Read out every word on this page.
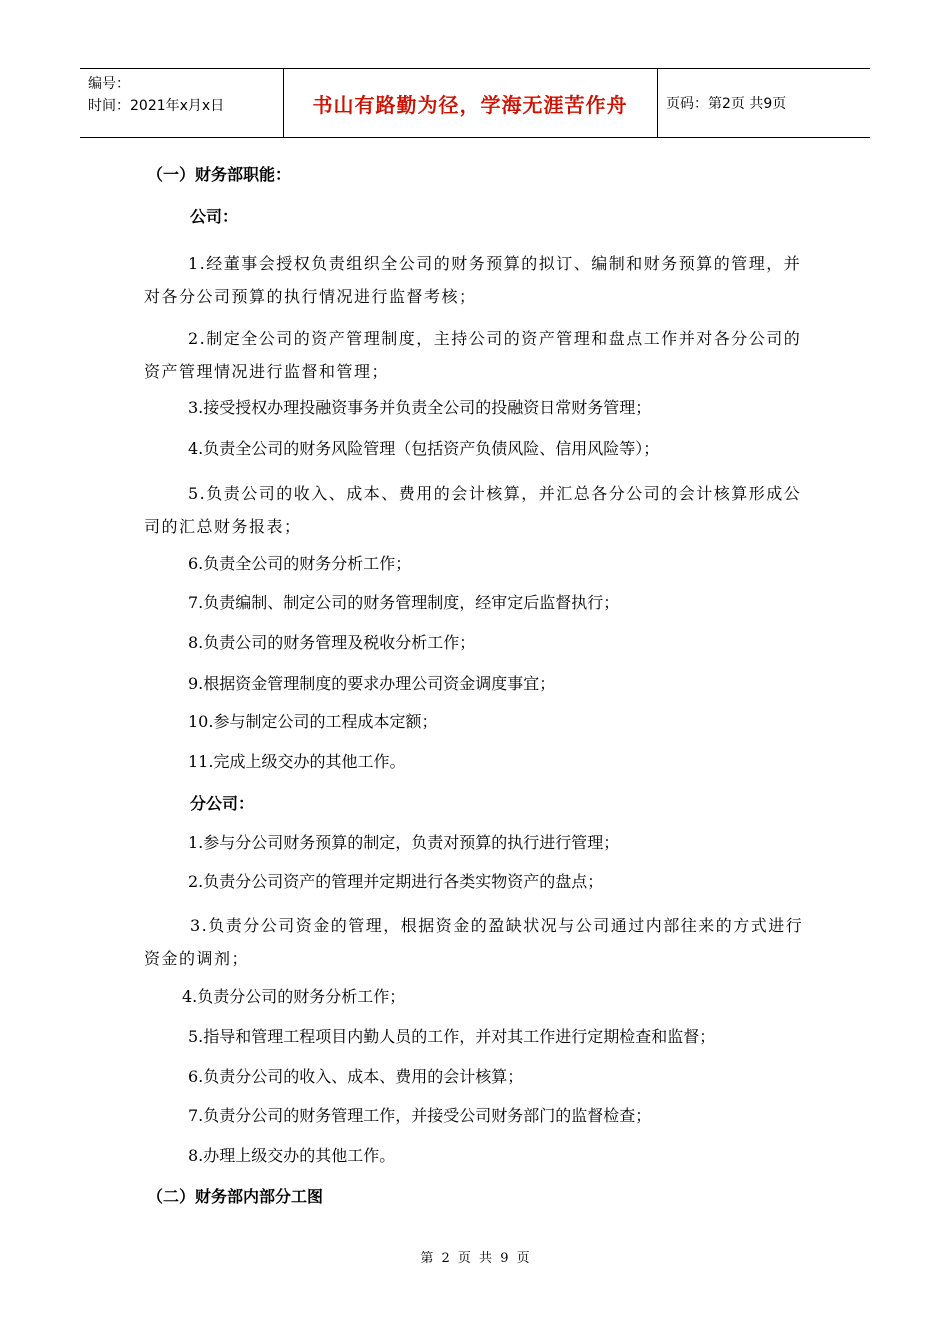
编号：
时间：2021年x月x日	书山有路勤为径，学海无涯苦作舟	页码：第2页 共9页
（一）财务部职能：
公司：
1.经董事会授权负责组织全公司的财务预算的拟订、编制和财务预算的管理，并对各分公司预算的执行情况进行监督考核；
2.制定全公司的资产管理制度，主持公司的资产管理和盘点工作并对各分公司的资产管理情况进行监督和管理；
3.接受授权办理投融资事务并负责全公司的投融资日常财务管理；
4.负责全公司的财务风险管理（包括资产负债风险、信用风险等）；
5.负责公司的收入、成本、费用的会计核算，并汇总各分公司的会计核算形成公司的汇总财务报表；
6.负责全公司的财务分析工作；
7.负责编制、制定公司的财务管理制度，经审定后监督执行；
8.负责公司的财务管理及税收分析工作；
9.根据资金管理制度的要求办理公司资金调度事宜；
10.参与制定公司的工程成本定额；
11.完成上级交办的其他工作。
分公司：
1.参与分公司财务预算的制定，负责对预算的执行进行管理；
2.负责分公司资产的管理并定期进行各类实物资产的盘点；
3.负责分公司资金的管理，根据资金的盈缺状况与公司通过内部往来的方式进行资金的调剂；
4.负责分公司的财务分析工作；
5.指导和管理工程项目内勤人员的工作，并对其工作进行定期检查和监督；
6.负责分公司的收入、成本、费用的会计核算；
7.负责分公司的财务管理工作，并接受公司财务部门的监督检查；
8.办理上级交办的其他工作。
（二）财务部内部分工图
第 2 页 共 9 页
